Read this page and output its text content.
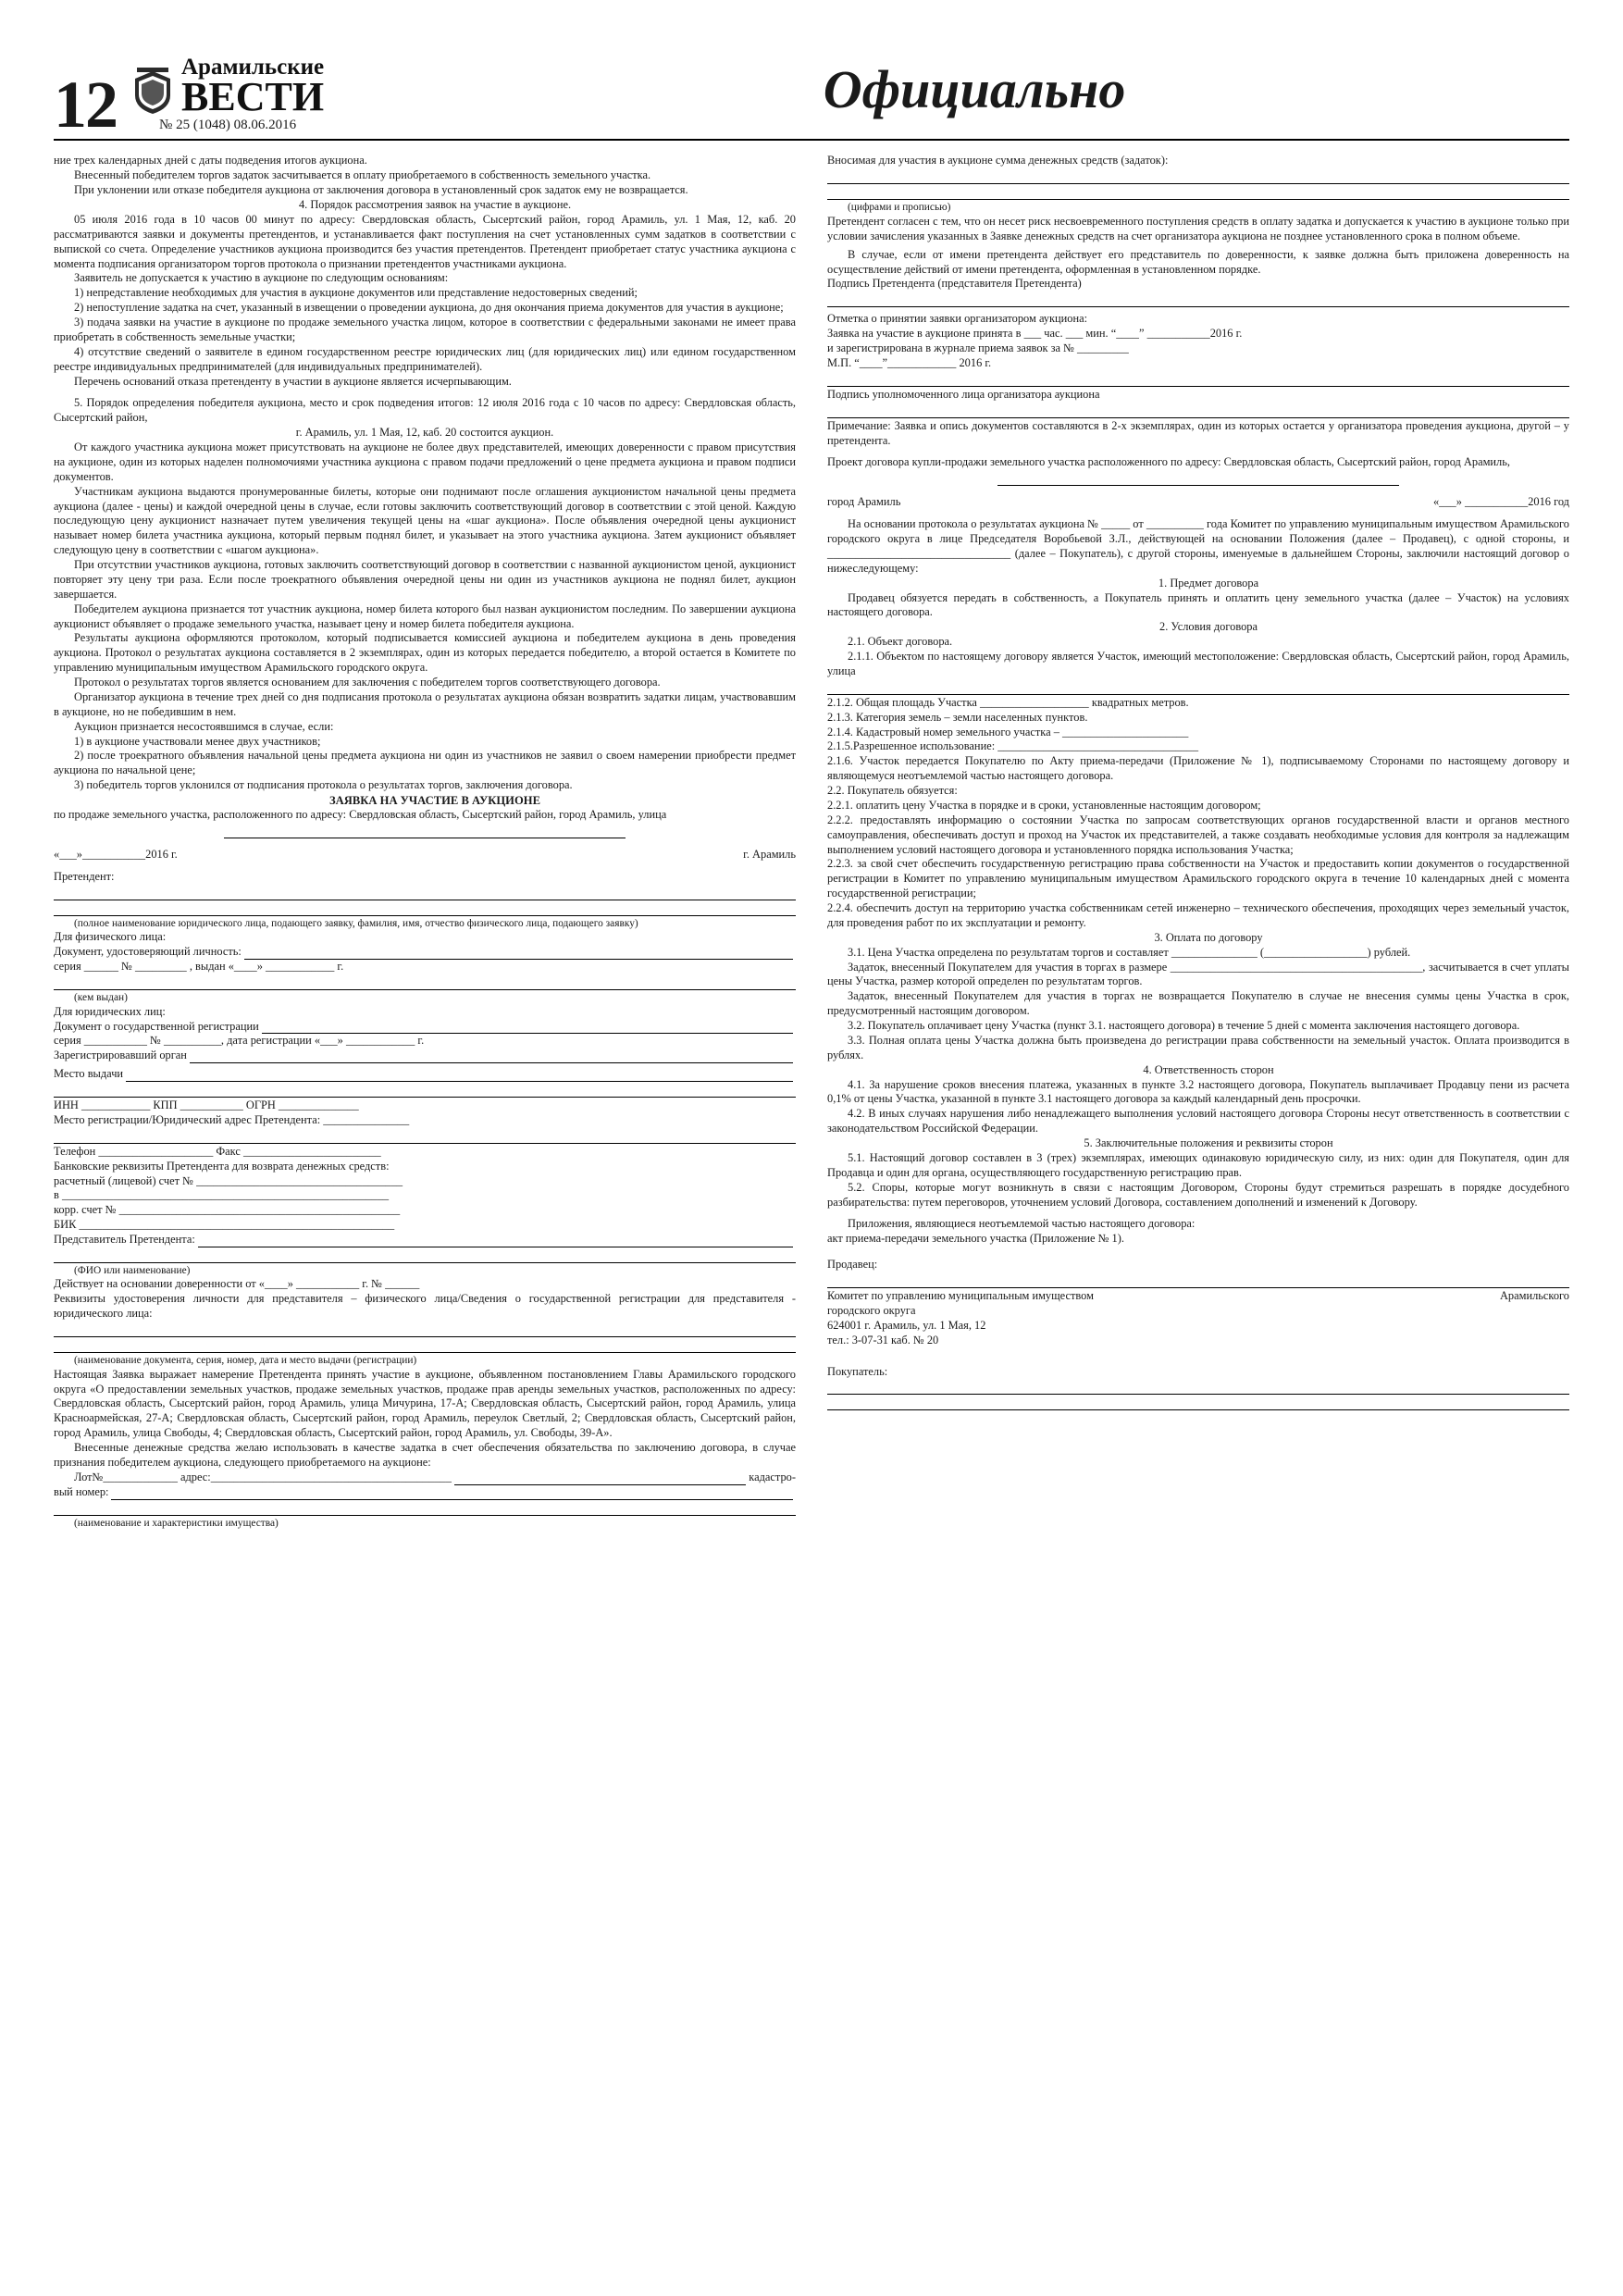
12
Арамильские
ВЕСТИ
№ 25 (1048) 08.06.2016
Официально

ние трех календарных дней с даты подведения итогов аукциона.

Внесенный победителем торгов задаток засчитывается в оплату приобретаемого в собственность земельного участка.

При уклонении или отказе победителя аукциона от заключения договора в установленный срок задаток ему не возвращается.

4. Порядок рассмотрения заявок на участие в аукционе.

05 июля 2016 года в 10 часов 00 минут по адресу: Свердловская область, Сысертский район, город Арамиль, ул. 1 Мая, 12, каб. 20 рассматриваются заявки и документы претендентов, и устанавливается факт поступления на счет установленных сумм задатков в соответствии с выпиской со счета. Определение участников аукциона производится без участия претендентов. Претендент приобретает статус участника аукциона с момента подписания организатором торгов протокола о признании претендентов участниками аукциона.

Заявитель не допускается к участию в аукционе по следующим основаниям:

1) непредставление необходимых для участия в аукционе документов или представление недостоверных сведений;

2) непоступление задатка на счет, указанный в извещении о проведении аукциона, до дня окончания приема документов для участия в аукционе;

3) подача заявки на участие в аукционе по продаже земельного участка лицом, которое в соответствии с федеральными законами не имеет права приобретать в собственность земельные участки;

4) отсутствие сведений о заявителе в едином государственном реестре юридических лиц (для юридических лиц) или едином государственном реестре индивидуальных предпринимателей (для индивидуальных предпринимателей).

Перечень оснований отказа претенденту в участии в аукционе является исчерпывающим.

5. Порядок определения победителя аукциона, место и срок подведения итогов: 12 июля 2016 года с 10 часов по адресу: Свердловская область, Сысертский район,

г. Арамиль, ул. 1 Мая, 12, каб. 20 состоится аукцион.

От каждого участника аукциона может присутствовать на аукционе не более двух представителей, имеющих доверенности с правом присутствия на аукционе, один из которых наделен полномочиями участника аукциона с правом подачи предложений о цене предмета аукциона и правом подписи документов.

Участникам аукциона выдаются пронумерованные билеты, которые они поднимают после оглашения аукционистом начальной цены предмета аукциона (далее - цены) и каждой очередной цены в случае, если готовы заключить соответствующий договор в соответствии с этой ценой. Каждую последующую цену аукционист назначает путем увеличения текущей цены на «шаг аукциона». После объявления очередной цены аукционист называет номер билета участника аукциона, который первым поднял билет, и указывает на этого участника аукциона. Затем аукционист объявляет следующую цену в соответствии с «шагом аукциона».

При отсутствии участников аукциона, готовых заключить соответствующий договор в соответствии с названной аукционистом ценой, аукционист повторяет эту цену три раза. Если после троекратного объявления очередной цены ни один из участников аукциона не поднял билет, аукцион завершается.

Победителем аукциона признается тот участник аукциона, номер билета которого был назван аукционистом последним. По завершении аукциона аукционист объявляет о продаже земельного участка, называет цену и номер билета победителя аукциона.

Результаты аукциона оформляются протоколом, который подписывается комиссией аукциона и победителем аукциона в день проведения аукциона. Протокол о результатах аукциона составляется в 2 экземплярах, один из которых передается победителю, а второй остается в Комитете по управлению муниципальным имуществом Арамильского городского округа.

Протокол о результатах торгов является основанием для заключения с победителем торгов соответствующего договора.

Организатор аукциона в течение трех дней со дня подписания протокола о результатах аукциона обязан возвратить задатки лицам, участвовавшим в аукционе, но не победившим в нем.

Аукцион признается несостоявшимся в случае, если:

1) в аукционе участвовали менее двух участников;

2) после троекратного объявления начальной цены предмета аукциона ни один из участников не заявил о своем намерении приобрести предмет аукциона по начальной цене;

3) победитель торгов уклонился от подписания протокола о результатах торгов, заключения договора.

ЗАЯВКА НА УЧАСТИЕ В АУКЦИОНЕ

по продаже земельного участка, расположенного по адресу: Свердловская область, Сысертский район, город Арамиль, улица

«___»___________2016 г.	г. Арамиль

Претендент:

(полное наименование юридического лица, подающего заявку, фамилия, имя, отчество физического лица, подающего заявку)

Для физического лица:

Документ, удостоверяющий личность:

серия ______ № _________ , выдан «____» ____________ г.

(кем выдан)

Для юридических лиц:

Документ о государственной регистрации

серия ___________ № __________, дата регистрации «___» ____________ г.

Зарегистрировавший орган
Место выдачи

ИНН ____________ КПП ___________ ОГРН ______________

Место регистрации/Юридический адрес Претендента: _______________

Телефон ____________________ Факс ________________________

Банковские реквизиты Претендента для возврата денежных средств:

расчетный (лицевой) счет № ____________________________________

в _________________________________________________________

корр. счет № _________________________________________________

БИК _______________________________________________________

Представитель Претендента:

(ФИО или наименование)

Действует на основании доверенности от «____» ___________ г. № ______

Реквизиты удостоверения личности для представителя – физического лица/Сведения о государственной регистрации для представителя - юридического лица:

(наименование документа, серия, номер, дата и место выдачи (регистрации)

Настоящая Заявка выражает намерение Претендента принять участие в аукционе, объявленном постановлением Главы Арамильского городского округа «О предоставлении земельных участков, продаже земельных участков, продаже прав аренды земельных участков, расположенных по адресу: Свердловская область, Сысертский район, город Арамиль, улица Мичурина, 17-А; Свердловская область, Сысертский район, город Арамиль, улица Красноармейская, 27-А; Свердловская область, Сысертский район, город Арамиль, переулок Светлый, 2; Свердловская область, Сысертский район, город Арамиль, улица Свободы, 4; Свердловская область, Сысертский район, город Арамиль, ул. Свободы, 39-А».

Внесенные денежные средства желаю использовать в качестве задатка в счет обеспечения обязательства по заключению договора, в случае признания победителем аукциона, следующего приобретаемого на аукционе:

Лот№_____________ адрес:__________________________________________	кадастро-
вый номер:

(наименование и характеристики имущества)

Вносимая для участия в аукционе сумма денежных средств (задаток):

(цифрами и прописью)

Претендент согласен с тем, что он несет риск несвоевременного поступления средств в оплату задатка и допускается к участию в аукционе только при условии зачисления указанных в Заявке денежных средств на счет организатора аукциона не позднее установленного срока в полном объеме.

В случае, если от имени претендента действует его представитель по доверенности, к заявке должна быть приложена доверенность на осуществление действий от имени претендента, оформленная в установленном порядке.

Подпись Претендента (представителя Претендента)

Отметка о принятии заявки организатором аукциона:

Заявка на участие в аукционе принята в ___ час. ___ мин. “____” ___________2016 г.

и зарегистрирована в журнале приема заявок за № _________

М.П. “____”____________ 2016 г.

Подпись уполномоченного лица организатора аукциона

Примечание: Заявка и опись документов составляются в 2-х экземплярах, один из которых остается у организатора проведения аукциона, другой – у претендента.

Проект договора купли-продажи земельного участка расположенного по адресу: Свердловская область, Сысертский район, город Арамиль,

город Арамиль	«___» ___________2016 год

На основании протокола о результатах аукциона № _____ от __________ года Комитет по управлению муниципальным имуществом Арамильского городского округа в лице Председателя Воробьевой З.Л., действующей на основании Положения (далее – Продавец), с одной стороны, и ________________________________ (далее – Покупатель), с другой стороны, именуемые в дальнейшем Стороны, заключили настоящий договор о нижеследующему:

1. Предмет договора

Продавец обязуется передать в собственность, а Покупатель принять и оплатить цену земельного участка (далее – Участок) на условиях настоящего договора.

2. Условия договора

2.1. Объект договора.

2.1.1. Объектом по настоящему договору является Участок, имеющий местоположение: Свердловская область, Сысертский район, город Арамиль, улица

2.1.2. Общая площадь Участка ___________________ квадратных метров.

2.1.3. Категория земель – земли населенных пунктов.

2.1.4. Кадастровый номер земельного участка – ______________________

2.1.5.Разрешенное использование: ___________________________________

2.1.6. Участок передается Покупателю по Акту приема-передачи (Приложение № 1), подписываемому Сторонами по настоящему договору и являющемуся неотъемлемой частью настоящего договора.

2.2. Покупатель обязуется:

2.2.1. оплатить цену Участка в порядке и в сроки, установленные настоящим договором;

2.2.2. предоставлять информацию о состоянии Участка по запросам соответствующих органов государственной власти и органов местного самоуправления, обеспечивать доступ и проход на Участок их представителей, а также создавать необходимые условия для контроля за надлежащим выполнением условий настоящего договора и установленного порядка использования Участка;

2.2.3. за свой счет обеспечить государственную регистрацию права собственности на Участок и предоставить копии документов о государственной регистрации в Комитет по управлению муниципальным имуществом Арамильского городского округа в течение 10 календарных дней с момента государственной регистрации;

2.2.4. обеспечить доступ на территорию участка собственникам сетей инженерно – технического обеспечения, проходящих через земельный участок, для проведения работ по их эксплуатации и ремонту.

3. Оплата по договору

3.1. Цена Участка определена по результатам торгов и составляет _______________ (__________________) рублей.

Задаток, внесенный Покупателем для участия в торгах в размере ____________________________________________, засчитывается в счет уплаты цены Участка, размер которой определен по результатам торгов.

Задаток, внесенный Покупателем для участия в торгах не возвращается Покупателю в случае не внесения суммы цены Участка в срок, предусмотренный настоящим договором.

3.2. Покупатель оплачивает цену Участка (пункт 3.1. настоящего договора) в течение 5 дней с момента заключения настоящего договора.

3.3. Полная оплата цены Участка должна быть произведена до регистрации права собственности на земельный участок. Оплата производится в рублях.

4. Ответственность сторон

4.1. За нарушение сроков внесения платежа, указанных в пункте 3.2 настоящего договора, Покупатель выплачивает Продавцу пени из расчета 0,1% от цены Участка, указанной в пункте 3.1 настоящего договора за каждый календарный день просрочки.

4.2. В иных случаях нарушения либо ненадлежащего выполнения условий настоящего договора Стороны несут ответственность в соответствии с законодательством Российской Федерации.

5. Заключительные положения и реквизиты сторон

5.1. Настоящий договор составлен в 3 (трех) экземплярах, имеющих одинаковую юридическую силу, из них: один для Покупателя, один для Продавца и один для органа, осуществляющего государственную регистрацию прав.

5.2. Споры, которые могут возникнуть в связи с настоящим Договором, Стороны будут стремиться разрешать в порядке досудебного разбирательства: путем переговоров, уточнением условий Договора, составлением дополнений и изменений к Договору.

Приложения, являющиеся неотъемлемой частью настоящего договора:

акт приема-передачи земельного участка (Приложение № 1).

Продавец:

Комитет по управлению муниципальным имуществом	Арамильского

городского округа

624001 г. Арамиль, ул. 1 Мая, 12

тел.: 3-07-31 каб. № 20

Покупатель:
